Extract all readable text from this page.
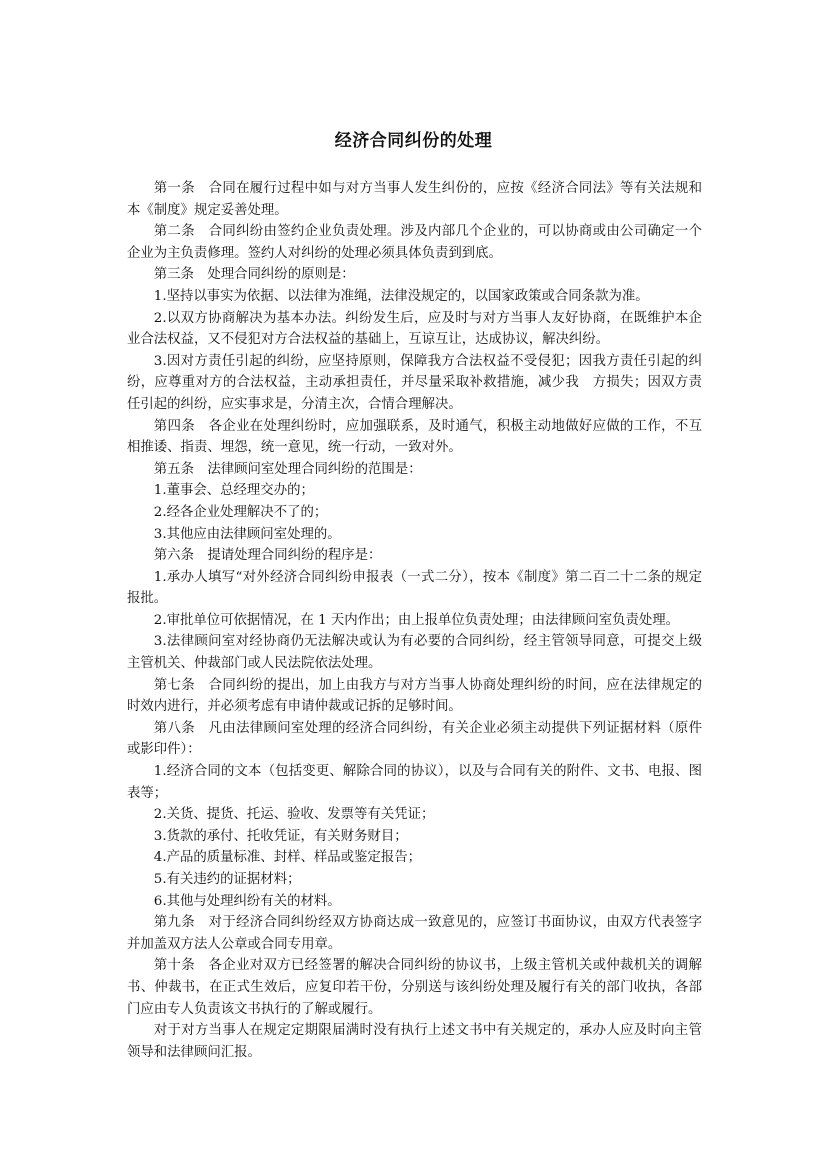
经济合同纠份的处理

第一条　合同在履行过程中如与对方当事人发生纠份的，应按《经济合同法》等有关法规和本《制度》规定妥善处理。

第二条　合同纠纷由签约企业负责处理。涉及内部几个企业的，可以协商或由公司确定一个企业为主负责修理。签约人对纠纷的处理必须具体负责到到底。

第三条　处理合同纠纷的原则是：

1.坚持以事实为依据、以法律为准绳，法律没规定的，以国家政策或合同条款为准。

2.以双方协商解决为基本办法。纠纷发生后，应及时与对方当事人友好协商，在既维护本企业合法权益，又不侵犯对方合法权益的基础上，互谅互让，达成协议，解决纠纷。

3.因对方责任引起的纠纷，应坚持原则，保障我方合法权益不受侵犯；因我方责任引起的纠纷，应尊重对方的合法权益，主动承担责任，并尽量采取补救措施，减少我　方损失；因双方责任引起的纠纷，应实事求是，分清主次，合情合理解决。

第四条　各企业在处理纠纷时，应加强联系，及时通气，积极主动地做好应做的工作，不互相推诿、指责、埋怨，统一意见，统一行动，一致对外。

第五条　法律顾问室处理合同纠纷的范围是：

1.董事会、总经理交办的；

2.经各企业处理解决不了的；

3.其他应由法律顾问室处理的。

第六条　提请处理合同纠纷的程序是：

1.承办人填写“对外经济合同纠纷申报表（一式二分），按本《制度》第二百二十二条的规定报批。

2.审批单位可依据情况，在 1 天内作出；由上报单位负责处理；由法律顾问室负责处理。

3.法律顾问室对经协商仍无法解决或认为有必要的合同纠纷，经主管领导同意，可提交上级主管机关、仲裁部门或人民法院依法处理。

第七条　合同纠纷的提出，加上由我方与对方当事人协商处理纠纷的时间，应在法律规定的时效内进行，并必须考虑有申请仲裁或记拆的足够时间。

第八条　凡由法律顾问室处理的经济合同纠纷，有关企业必须主动提供下列证据材料（原件或影印件）：

1.经济合同的文本（包括变更、解除合同的协议），以及与合同有关的附件、文书、电报、图表等；

2.关货、提货、托运、验收、发票等有关凭证；

3.货款的承付、托收凭证，有关财务财目；

4.产品的质量标准、封样、样品或鉴定报告；

5.有关违约的证据材料；

6.其他与处理纠纷有关的材料。

第九条　对于经济合同纠纷经双方协商达成一致意见的，应签订书面协议，由双方代表签字并加盖双方法人公章或合同专用章。

第十条　各企业对双方已经签署的解决合同纠纷的协议书，上级主管机关或仲裁机关的调解书、仲裁书，在正式生效后，应复印若干份，分别送与该纠纷处理及履行有关的部门收执，各部门应由专人负责该文书执行的了解或履行。

对于对方当事人在规定定期限届满时没有执行上述文书中有关规定的，承办人应及时向主管领导和法律顾问汇报。
